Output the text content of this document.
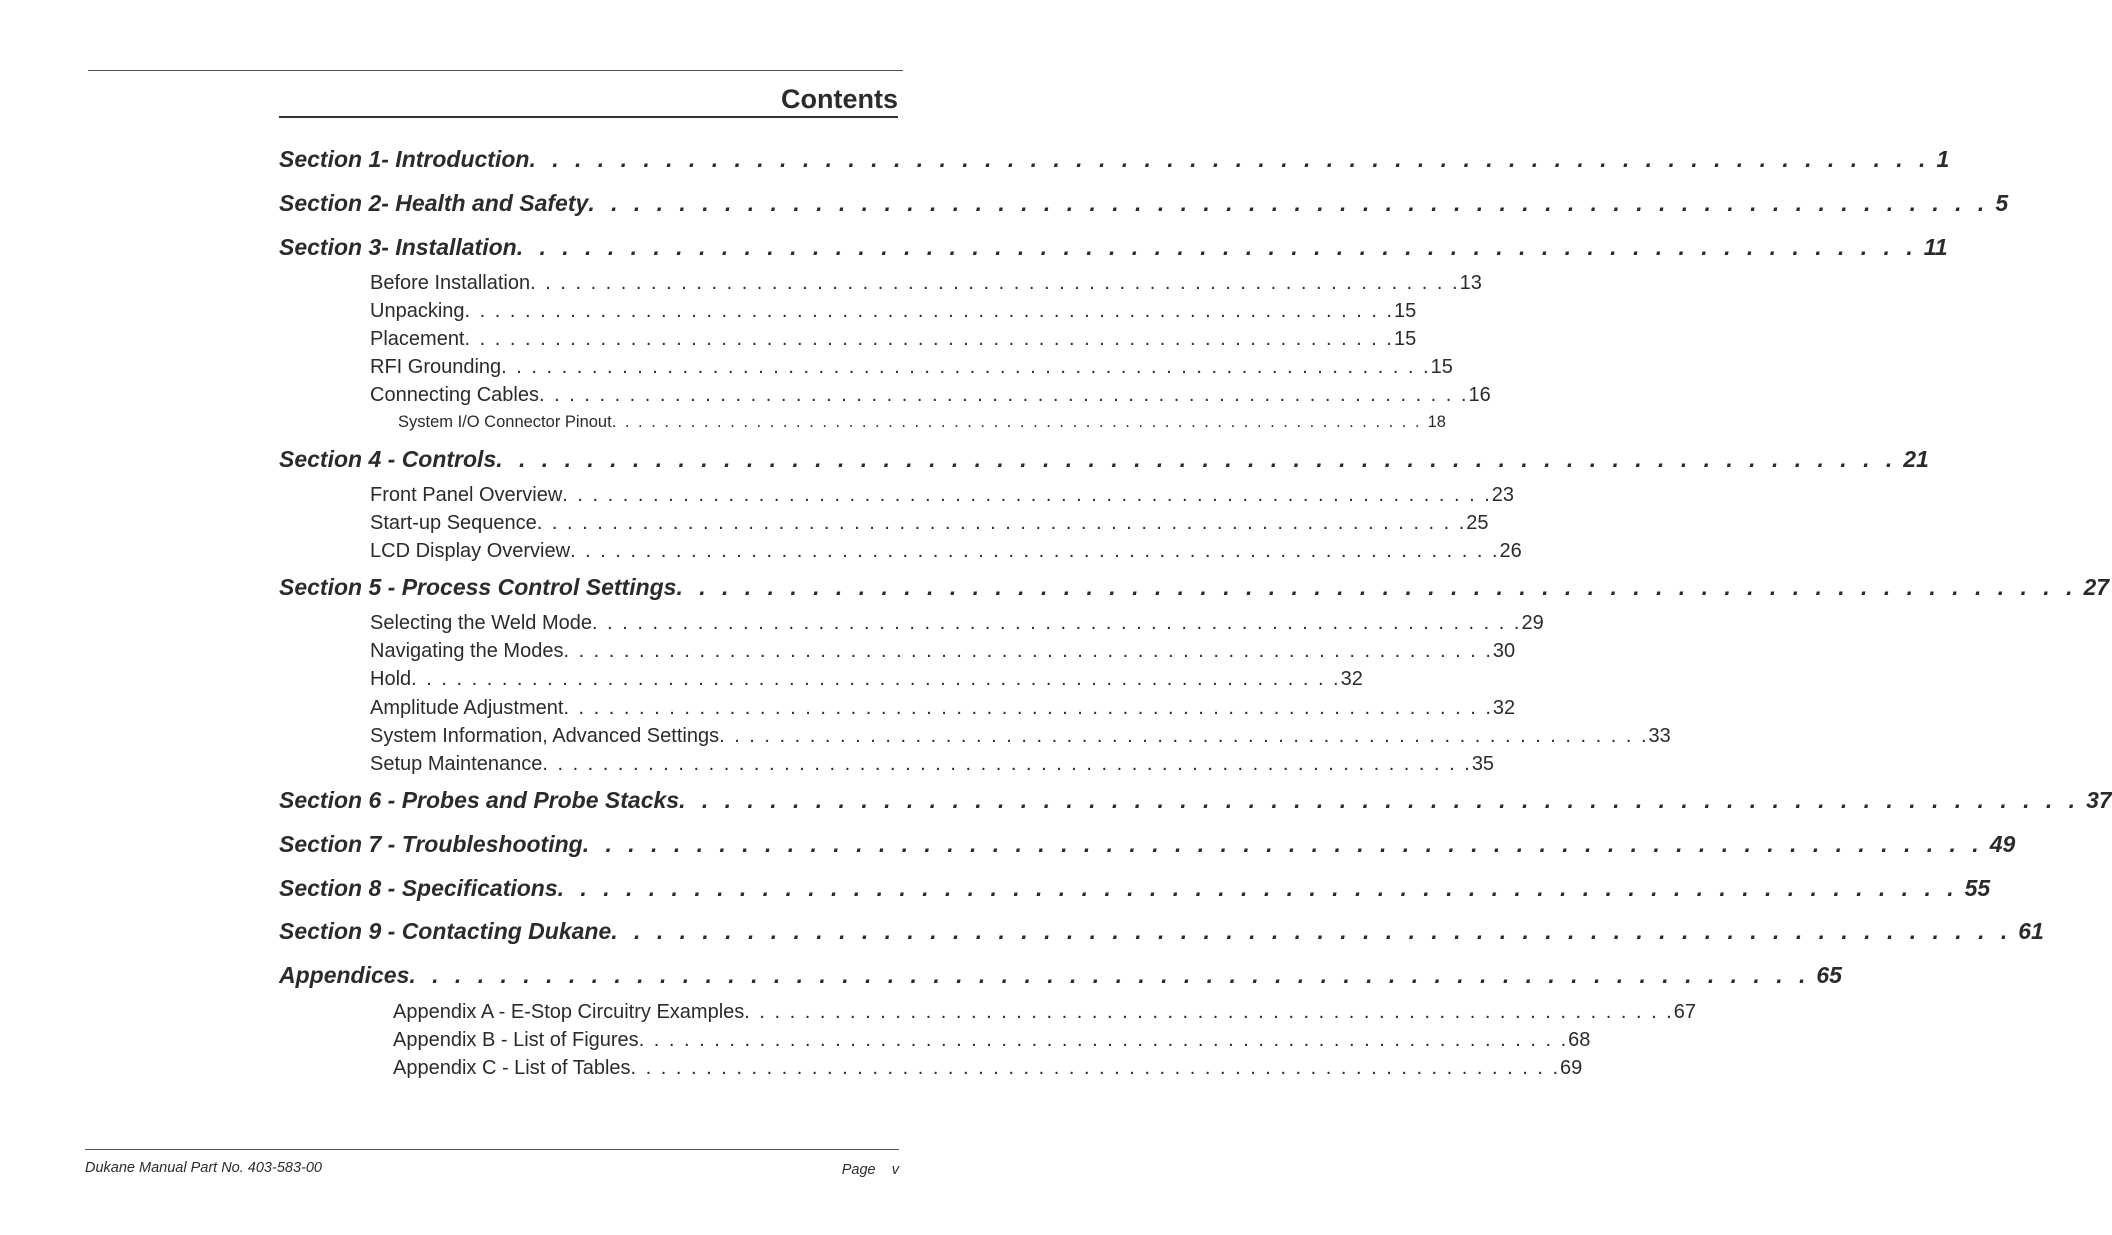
Contents
Section 1- Introduction . . . . . . . . . . . . . . . . . . . . . . . . . . . . . . . . . . . . . . . . . . . . . . . . . . . . . . . . . . . . . . 1
Section 2- Health and Safety . . . . . . . . . . . . . . . . . . . . . . . . . . . . . . . . . . . . . . . . . . . . . . . . . . . . . . . . . . . . . . 5
Section 3- Installation . . . . . . . . . . . . . . . . . . . . . . . . . . . . . . . . . . . . . . . . . . . . . . . . . . . . . . . . . . . . . . 11
Before Installation . . . . . . . . . . . . . . . . . . . . . . . . . . . . . . . . . . . . . . . . . . . . . . . . . . . . . . . . . . . . . . 13
Unpacking . . . . . . . . . . . . . . . . . . . . . . . . . . . . . . . . . . . . . . . . . . . . . . . . . . . . . . . . . . . . . . 15
Placement . . . . . . . . . . . . . . . . . . . . . . . . . . . . . . . . . . . . . . . . . . . . . . . . . . . . . . . . . . . . . . 15
RFI Grounding . . . . . . . . . . . . . . . . . . . . . . . . . . . . . . . . . . . . . . . . . . . . . . . . . . . . . . . . . . . . . . 15
Connecting Cables . . . . . . . . . . . . . . . . . . . . . . . . . . . . . . . . . . . . . . . . . . . . . . . . . . . . . . . . . . . . . . 16
System I/O Connector Pinout . . . . . . . . . . . . . . . . . . . . . . . . . . . . . . . . . . . . . . . . . . . . . . . . . . . . . . . . . . . . . . 18
Section 4 - Controls . . . . . . . . . . . . . . . . . . . . . . . . . . . . . . . . . . . . . . . . . . . . . . . . . . . . . . . . . . . . . . 21
Front Panel Overview . . . . . . . . . . . . . . . . . . . . . . . . . . . . . . . . . . . . . . . . . . . . . . . . . . . . . . . . . . . . . . 23
Start-up Sequence . . . . . . . . . . . . . . . . . . . . . . . . . . . . . . . . . . . . . . . . . . . . . . . . . . . . . . . . . . . . . . 25
LCD Display Overview . . . . . . . . . . . . . . . . . . . . . . . . . . . . . . . . . . . . . . . . . . . . . . . . . . . . . . . . . . . . . . 26
Section 5 - Process Control Settings . . . . . . . . . . . . . . . . . . . . . . . . . . . . . . . . . . . . . . . . . . . . . . . . . . . . . . . . . . . . . . 27
Selecting the Weld Mode . . . . . . . . . . . . . . . . . . . . . . . . . . . . . . . . . . . . . . . . . . . . . . . . . . . . . . . . . . . . . . 29
Navigating the Modes . . . . . . . . . . . . . . . . . . . . . . . . . . . . . . . . . . . . . . . . . . . . . . . . . . . . . . . . . . . . . . 30
Hold . . . . . . . . . . . . . . . . . . . . . . . . . . . . . . . . . . . . . . . . . . . . . . . . . . . . . . . . . . . . . . 32
Amplitude Adjustment . . . . . . . . . . . . . . . . . . . . . . . . . . . . . . . . . . . . . . . . . . . . . . . . . . . . . . . . . . . . . . 32
System Information, Advanced Settings . . . . . . . . . . . . . . . . . . . . . . . . . . . . . . . . . . . . . . . . . . . . . . . . . . . . . . . . . . . . . . 33
Setup Maintenance . . . . . . . . . . . . . . . . . . . . . . . . . . . . . . . . . . . . . . . . . . . . . . . . . . . . . . . . . . . . . . 35
Section 6 - Probes and Probe Stacks . . . . . . . . . . . . . . . . . . . . . . . . . . . . . . . . . . . . . . . . . . . . . . . . . . . . . . . . . . . . . . 37
Section 7 - Troubleshooting . . . . . . . . . . . . . . . . . . . . . . . . . . . . . . . . . . . . . . . . . . . . . . . . . . . . . . . . . . . . . . 49
Section 8 - Specifications . . . . . . . . . . . . . . . . . . . . . . . . . . . . . . . . . . . . . . . . . . . . . . . . . . . . . . . . . . . . . . 55
Section 9 - Contacting Dukane . . . . . . . . . . . . . . . . . . . . . . . . . . . . . . . . . . . . . . . . . . . . . . . . . . . . . . . . . . . . . . 61
Appendices . . . . . . . . . . . . . . . . . . . . . . . . . . . . . . . . . . . . . . . . . . . . . . . . . . . . . . . . . . . . . . 65
Appendix A - E-Stop Circuitry Examples . . . . . . . . . . . . . . . . . . . . . . . . . . . . . . . . . . . . . . . . . . . . . . . . . . . . . . . . . . . . . . 67
Appendix B - List of Figures . . . . . . . . . . . . . . . . . . . . . . . . . . . . . . . . . . . . . . . . . . . . . . . . . . . . . . . . . . . . . . 68
Appendix C - List of Tables . . . . . . . . . . . . . . . . . . . . . . . . . . . . . . . . . . . . . . . . . . . . . . . . . . . . . . . . . . . . . . 69
Dukane Manual Part No. 403-583-00	Page v
